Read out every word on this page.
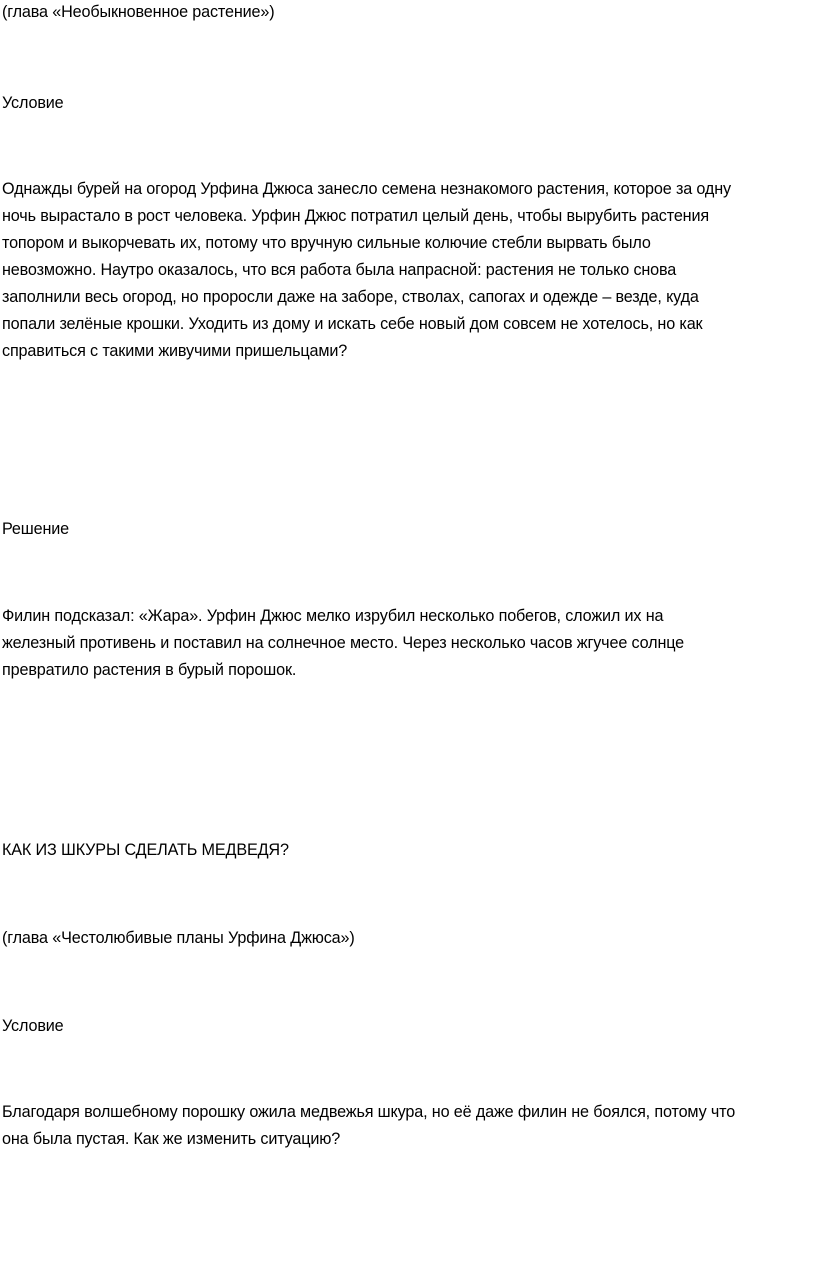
(глава «Необыкновенное растение»)

Условие

Однажды бурей на огород Урфина Джюса занесло семена незнакомого растения, которое за одну
ночь вырастало в рост человека. Урфин Джюс потратил целый день, чтобы вырубить растения
топором и выкорчевать их, потому что вручную сильные колючие стебли вырвать было
невозможно. Наутро оказалось, что вся работа была напрасной: растения не только снова
заполнили весь огород, но проросли даже на заборе, стволах, сапогах и одежде – везде, куда
попали зелёные крошки. Уходить из дому и искать себе новый дом совсем не хотелось, но как
справиться с такими живучими пришельцами?

Решение

Филин подсказал: «Жара». Урфин Джюс мелко изрубил несколько побегов, сложил их на
железный противень и поставил на солнечное место. Через несколько часов жгучее солнце
превратило растения в бурый порошок.

КАК ИЗ ШКУРЫ СДЕЛАТЬ МЕДВЕДЯ?

(глава «Честолюбивые планы Урфина Джюса»)

Условие

Благодаря волшебному порошку ожила медвежья шкура, но её даже филин не боялся, потому что
она была пустая. Как же изменить ситуацию?
